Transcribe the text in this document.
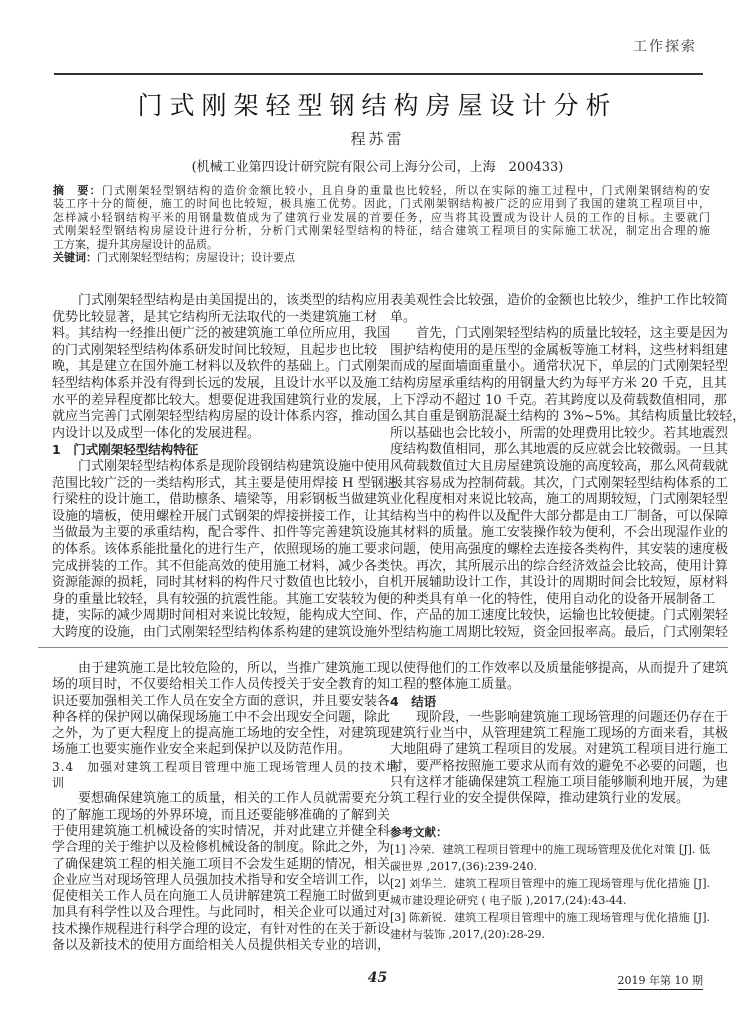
工作探索
门式刚架轻型钢结构房屋设计分析
程苏雷
(机械工业第四设计研究院有限公司上海分公司，上海　200433)
摘　要：门式刚架轻型钢结构的造价金额比较小，且自身的重量也比较轻，所以在实际的施工过程中，门式刚架钢结构的安
装工序十分的简便，施工的时间也比较短，极具施工优势。因此，门式刚架钢结构被广泛的应用到了我国的建筑工程项目中，
怎样减小轻钢结构平米的用钢量数值成为了建筑行业发展的首要任务，应当将其设置成为设计人员的工作的目标。主要就门
式刚架轻型钢结构房屋设计进行分析，分析门式刚架轻型结构的特征，结合建筑工程项目的实际施工状况，制定出合理的施
工方案，提升其房屋设计的品质。
关键词：门式刚架轻型结构；房屋设计；设计要点
门式刚架轻型结构是由美国提出的，该类型的结构应用
优势比较显著，是其它结构所无法取代的一类建筑施工材
料。其结构一经推出便广泛的被建筑施工单位所应用，我国
的门式刚架轻型结构体系研发时间比较短，且起步也比较
晚，其是建立在国外施工材料以及软件的基础上。门式刚架
轻型结构体系并没有得到长远的发展，且设计水平以及施工
水平的差异程度都比较大。想要促进我国建筑行业的发展，
就应当完善门式刚架轻型结构房屋的设计体系内容，推动国
内设计以及成型一体化的发展进程。
1　门式刚架轻型结构特征
门式刚架轻型结构体系是现阶段钢结构建筑设施中使用
范围比较广泛的一类结构形式，其主要是使用焊接 H 型钢进
行梁柱的设计施工，借助檩条、墙梁等，用彩钢板当做建筑
设施的墙板，使用螺栓开展门式钢架的焊接拼接工作，让其
当做最为主要的承重结构，配合零件、扣件等完善建筑设施
的体系。该体系能批量化的进行生产，依照现场的施工要求
完成拼装的工作。其不但能高效的使用施工材料，减少各类
资源能源的损耗，同时其材料的构件尺寸数值也比较小，自
身的重量比较轻，具有较强的抗震性能。其施工安装较为便
捷，实际的减少周期时间相对来说比较短，能构成大空间、
大跨度的设施，由门式刚架轻型结构体系构建的建筑设施外
表美观性会比较强，造价的金额也比较少，维护工作比较简
单。
首先，门式刚架轻型结构的质量比较轻，这主要是因为
围护结构使用的是压型的金属板等施工材料，这些材料组建
而成的屋面墙面重量小。通常状况下，单层的门式刚架轻型
结构房屋承重结构的用钢量大约为每平方米 20 千克，且其
上下浮动不超过 10 千克。若其跨度以及荷载数值相同，那
么其自重是钢筋混凝土结构的 3%~5%。其结构质量比较轻，
所以基础也会比较小，所需的处理费用比较少。若其地震烈
度结构数值相同，那么其地震的反应就会比较微弱。一旦其
风荷载数值过大且房屋建筑设施的高度较高，那么风荷载就
极其容易成为控制荷载。其次，门式刚架轻型结构体系的工
业化程度相对来说比较高，施工的周期较短，门式刚架轻型
结构当中的构件以及配件大部分都是由工厂制备，可以保障
其材料的质量。施工安装操作较为便利，不会出现湿作业的
问题，使用高强度的螺栓去连接各类构件，其安装的速度极
快。再次，其所展示出的综合经济效益会比较高，使用计算
机开展辅助设计工作，其设计的周期时间会比较短，原材料
的种类具有单一化的特性，使用自动化的设备开展制备工
作，产品的加工速度比较快，运输也比较便捷。门式刚架轻
型结构施工周期比较短，资金回报率高。最后，门式刚架轻
由于建筑施工是比较危险的，所以，当推广建筑施工现
场的项目时，不仅要给相关工作人员传授关于安全教育的知
识还要加强相关工作人员在安全方面的意识，并且要安装各
种各样的保护网以确保现场施工中不会出现安全问题，除此
之外，为了更大程度上的提高施工场地的安全性，对建筑现
场施工也要实施作业安全来起到保护以及防范作用。
3.4　加强对建筑工程项目管理中施工现场管理人员的技术培
训
要想确保建筑施工的质量，相关的工作人员就需要充分
的了解施工现场的外界环境，而且还要能够准确的了解到关
于使用建筑施工机械设备的实时情况，并对此建立并健全科
学合理的关于维护以及检修机械设备的制度。除此之外，为
了确保建筑工程的相关施工项目不会发生延期的情况，相关
企业应当对现场管理人员强加技术指导和安全培训工作，以
促使相关工作人员在向施工人员讲解建筑工程施工时做到更
加具有科学性以及合理性。与此同时，相关企业可以通过对
技术操作规程进行科学合理的设定，有针对性的在关于新设
备以及新技术的使用方面给相关人员提供相关专业的培训，
以使得他们的工作效率以及质量能够提高，从而提升了建筑
工程的整体施工质量。
4　结语
现阶段，一些影响建筑施工现场管理的问题还仍存在于
建筑行业当中，从管理建筑工程施工现场的方面来看，其极
大地阻碍了建筑工程项目的发展。对建筑工程项目进行施工
时，要严格按照施工要求从而有效的避免不必要的问题，也
只有这样才能确保建筑工程施工项目能够顺利地开展，为建
筑工程行业的安全提供保障，推动建筑行业的发展。
参考文献：
[1] 冷荣．建筑工程项目管理中的施工现场管理及优化对策 [J]. 低
碳世界 ,2017,(36):239-240.
[2] 刘华兰．建筑工程项目管理中的施工现场管理与优化措施 [J].
城市建设理论研究 ( 电子版 ),2017,(24):43-44.
[3] 陈新锐．建筑工程项目管理中的施工现场管理与优化措施 [J].
建材与装饰 ,2017,(20):28-29.
45	2019 年第 10 期
